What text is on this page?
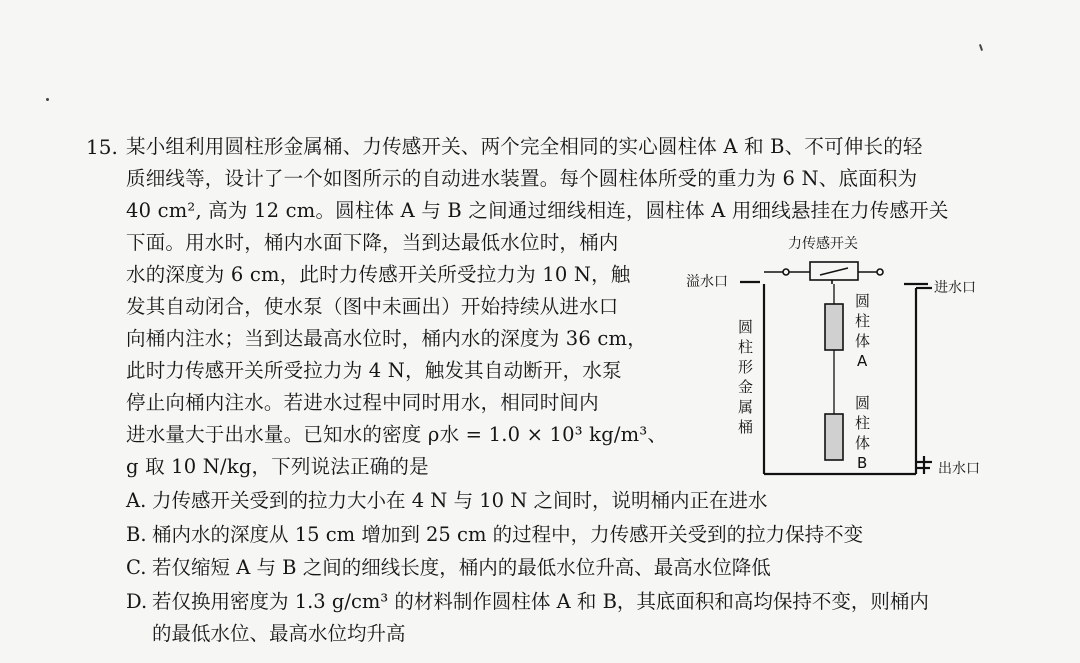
15. 某小组利用圆柱形金属桶、力传感开关、两个完全相同的实心圆柱体 A 和 B、不可伸长的轻
质细线等，设计了一个如图所示的自动进水装置。每个圆柱体所受的重力为 6 N、底面积为
40 cm², 高为 12 cm。圆柱体 A 与 B 之间通过细线相连，圆柱体 A 用细线悬挂在力传感开关
下面。用水时，桶内水面下降，当到达最低水位时，桶内
水的深度为 6 cm，此时力传感开关所受拉力为 10 N，触
发其自动闭合，使水泵（图中未画出）开始持续从进水口
向桶内注水；当到达最高水位时，桶内水的深度为 36 cm，
此时力传感开关所受拉力为 4 N，触发其自动断开，水泵
停止向桶内注水。若进水过程中同时用水，相同时间内
进水量大于出水量。已知水的密度 ρ水 = 1.0 × 10³ kg/m³、
g 取 10 N/kg，下列说法正确的是
A. 力传感开关受到的拉力大小在 4 N 与 10 N 之间时，说明桶内正在进水
B. 桶内水的深度从 15 cm 增加到 25 cm 的过程中，力传感开关受到的拉力保持不变
C. 若仅缩短 A 与 B 之间的细线长度，桶内的最低水位升高、最高水位降低
D. 若仅换用密度为 1.3 g/cm³ 的材料制作圆柱体 A 和 B，其底面积和高均保持不变，则桶内
的最低水位、最高水位均升高
力传感开关
溢水口	进水口
出水口
圆
柱
体
A
圆
柱
体
B
圆
柱
形
金
属
桶
